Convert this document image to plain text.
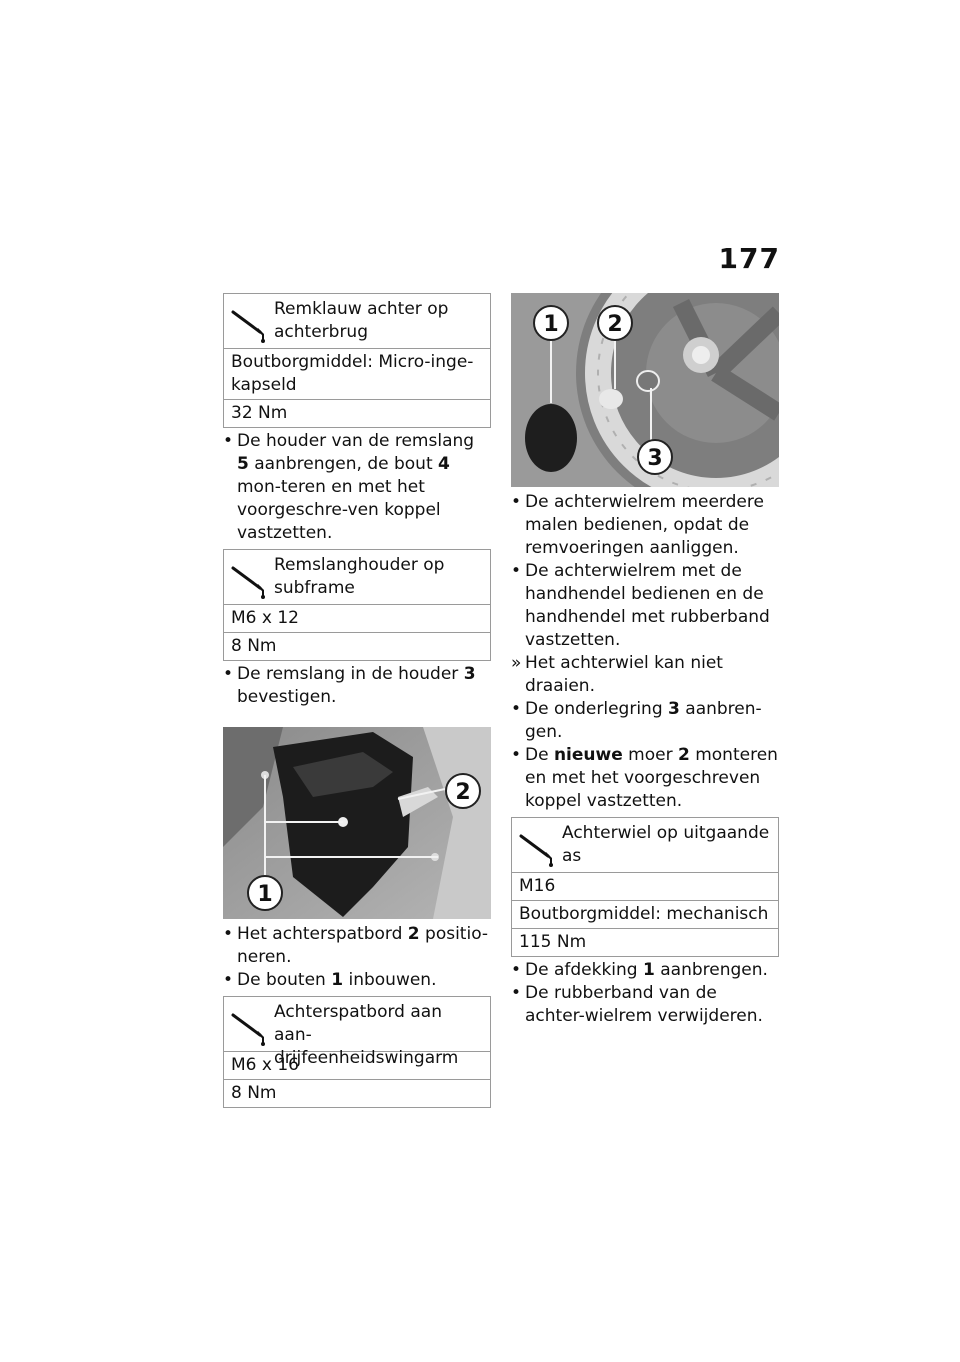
177
Remklauw achter op achterbrug
Boutborgmiddel: Micro-inge-kapseld
32 Nm
• De houder van de remslang 5 aanbrengen, de bout 4 mon-teren en met het voorgeschre-ven koppel vastzetten.
Remslanghouder op subframe
M6 x 12
8 Nm
• De remslang in de houder 3 bevestigen.
1
2
• Het achterspatbord 2 positio-neren.
• De bouten 1 inbouwen.
Achterspatbord aan aan-drijfeenheidswingarm
M6 x 16
8 Nm
1 2
3
• De achterwielrem meerdere malen bedienen, opdat de remvoeringen aanliggen.
• De achterwielrem met de handhendel bedienen en de handhendel met rubberband vastzetten.
» Het achterwiel kan niet draaien.
• De onderlegring 3 aanbren-gen.
• De nieuwe moer 2 monteren en met het voorgeschreven koppel vastzetten.
Achterwiel op uitgaande as
M16
Boutborgmiddel: mechanisch
115 Nm
• De afdekking 1 aanbrengen.
• De rubberband van de achter-wielrem verwijderen.
